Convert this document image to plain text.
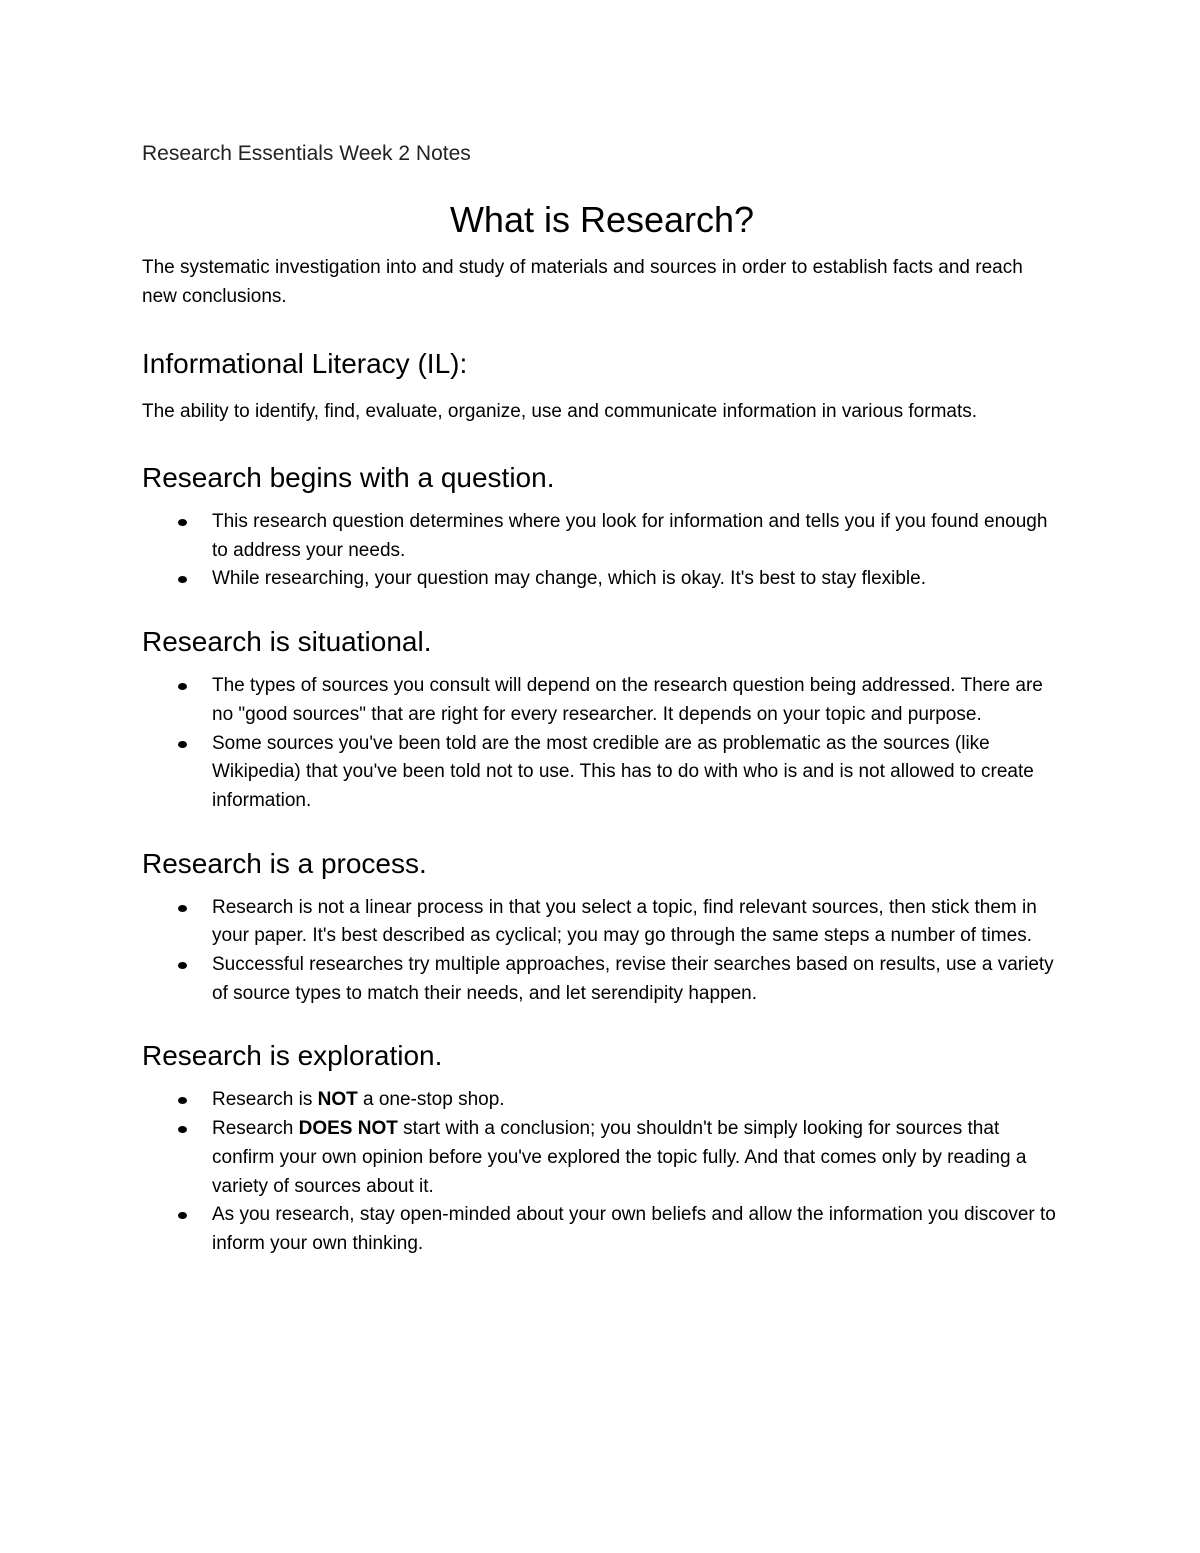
Research Essentials Week 2 Notes

What is Research?

The systematic investigation into and study of materials and sources in order to establish facts and reach new conclusions.

Informational Literacy (IL):

The ability to identify, find, evaluate, organize, use and communicate information in various formats.

Research begins with a question.
This research question determines where you look for information and tells you if you found enough to address your needs.
While researching, your question may change, which is okay. It's best to stay flexible.
Research is situational.
The types of sources you consult will depend on the research question being addressed. There are no "good sources" that are right for every researcher. It depends on your topic and purpose.
Some sources you've been told are the most credible are as problematic as the sources (like Wikipedia) that you've been told not to use. This has to do with who is and is not allowed to create information.
Research is a process.
Research is not a linear process in that you select a topic, find relevant sources, then stick them in your paper. It's best described as cyclical; you may go through the same steps a number of times.
Successful researches try multiple approaches, revise their searches based on results, use a variety of source types to match their needs, and let serendipity happen.
Research is exploration.
Research is NOT a one-stop shop.
Research DOES NOT start with a conclusion; you shouldn't be simply looking for sources that confirm your own opinion before you've explored the topic fully. And that comes only by reading a variety of sources about it.
As you research, stay open-minded about your own beliefs and allow the information you discover to inform your own thinking.
